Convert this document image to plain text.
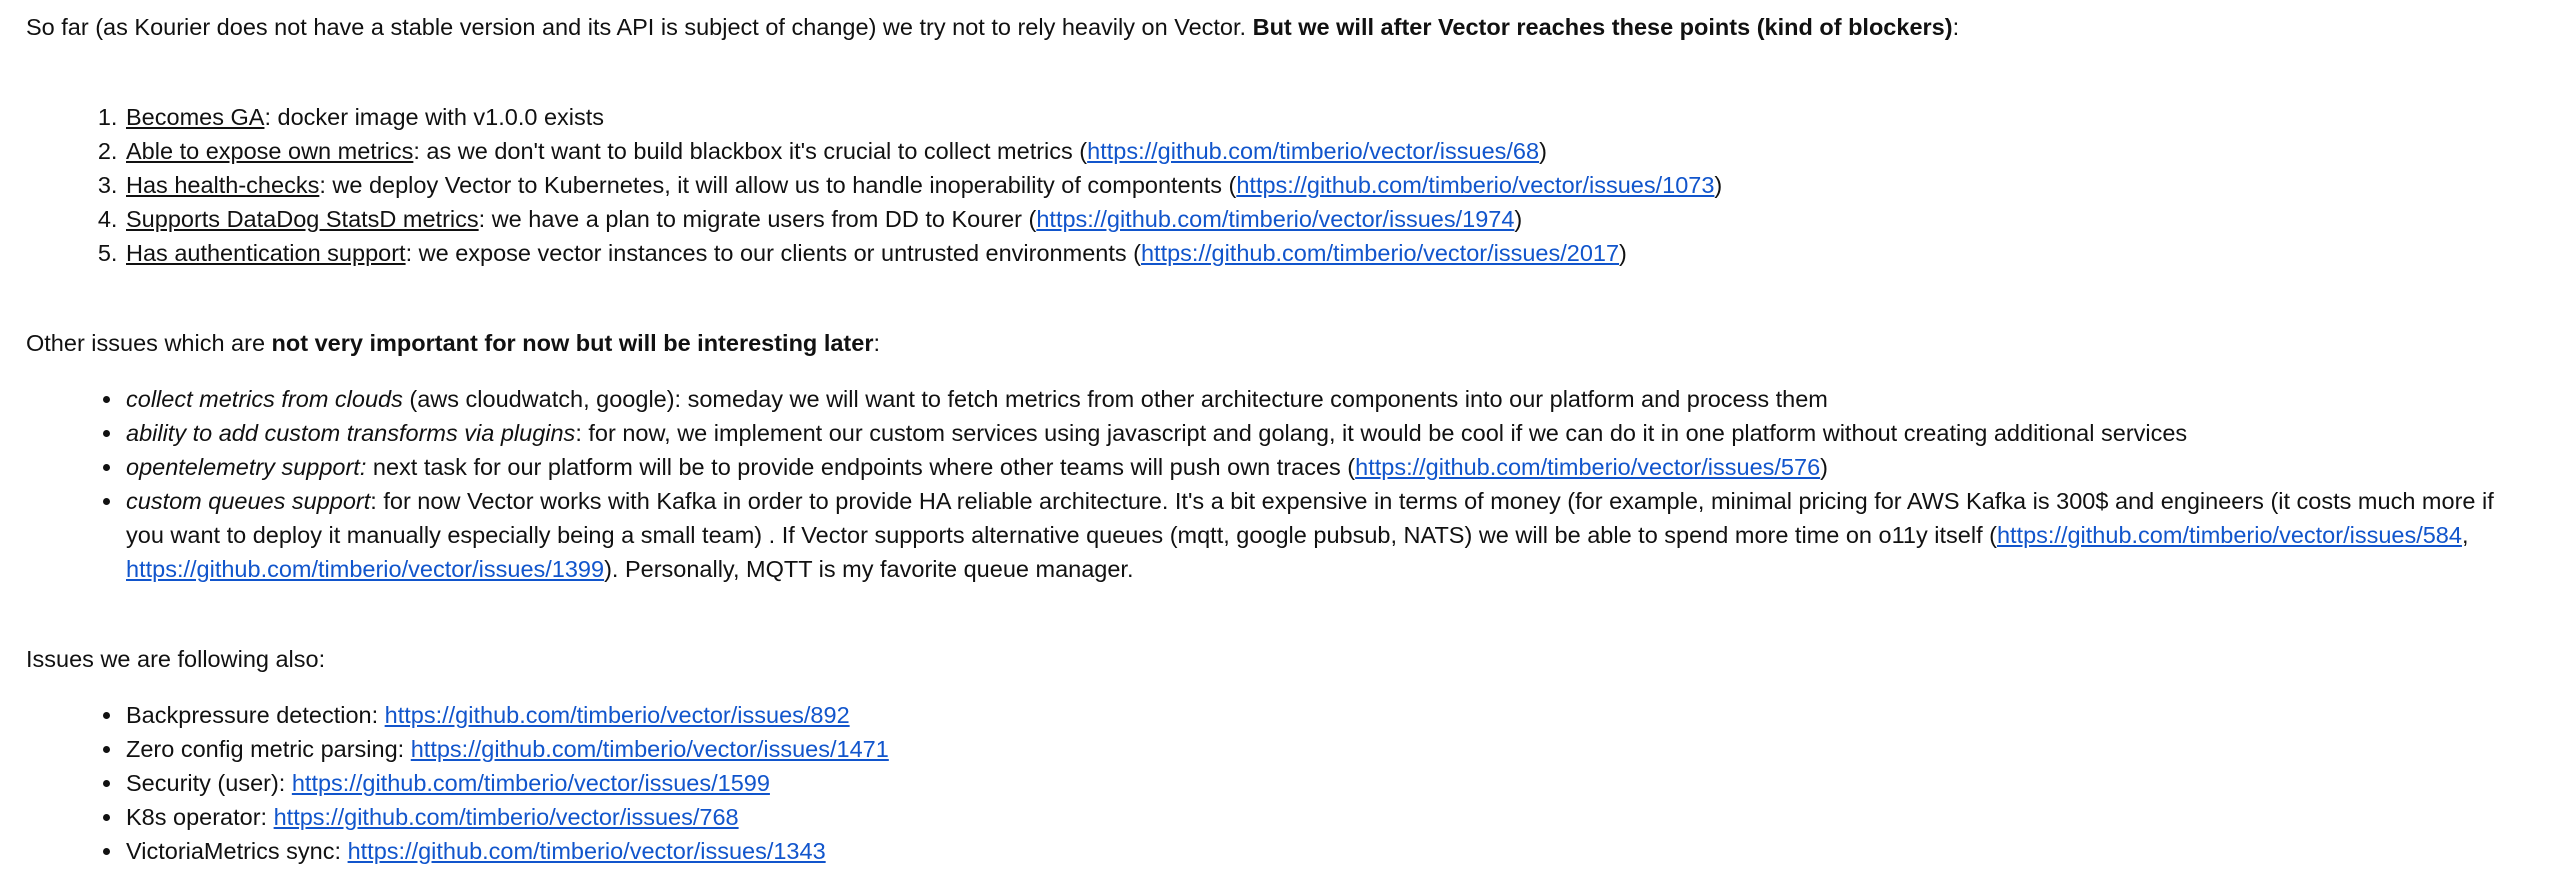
So far (as Kourier does not have a stable version and its API is subject of change) we try not to rely heavily on Vector. But we will after Vector reaches these points (kind of blockers):

1. Becomes GA: docker image with v1.0.0 exists
2. Able to expose own metrics: as we don't want to build blackbox it's crucial to collect metrics (https://github.com/timberio/vector/issues/68)
3. Has health-checks: we deploy Vector to Kubernetes, it will allow us to handle inoperability of compontents (https://github.com/timberio/vector/issues/1073)
4. Supports DataDog StatsD metrics: we have a plan to migrate users from DD to Kourer (https://github.com/timberio/vector/issues/1974)
5. Has authentication support: we expose vector instances to our clients or untrusted environments (https://github.com/timberio/vector/issues/2017)

Other issues which are not very important for now but will be interesting later:

• collect metrics from clouds (aws cloudwatch, google): someday we will want to fetch metrics from other architecture components into our platform and process them
• ability to add custom transforms via plugins: for now, we implement our custom services using javascript and golang, it would be cool if we can do it in one platform without creating additional services
• opentelemetry support: next task for our platform will be to provide endpoints where other teams will push own traces (https://github.com/timberio/vector/issues/576)
• custom queues support: for now Vector works with Kafka in order to provide HA reliable architecture. It's a bit expensive in terms of money (for example, minimal pricing for AWS Kafka is 300$ and engineers (it costs much more if you want to deploy it manually especially being a small team) . If Vector supports alternative queues (mqtt, google pubsub, NATS) we will be able to spend more time on o11y itself (https://github.com/timberio/vector/issues/584, https://github.com/timberio/vector/issues/1399). Personally, MQTT is my favorite queue manager.

Issues we are following also:

• Backpressure detection: https://github.com/timberio/vector/issues/892
• Zero config metric parsing: https://github.com/timberio/vector/issues/1471
• Security (user): https://github.com/timberio/vector/issues/1599
• K8s operator: https://github.com/timberio/vector/issues/768
• VictoriaMetrics sync: https://github.com/timberio/vector/issues/1343
